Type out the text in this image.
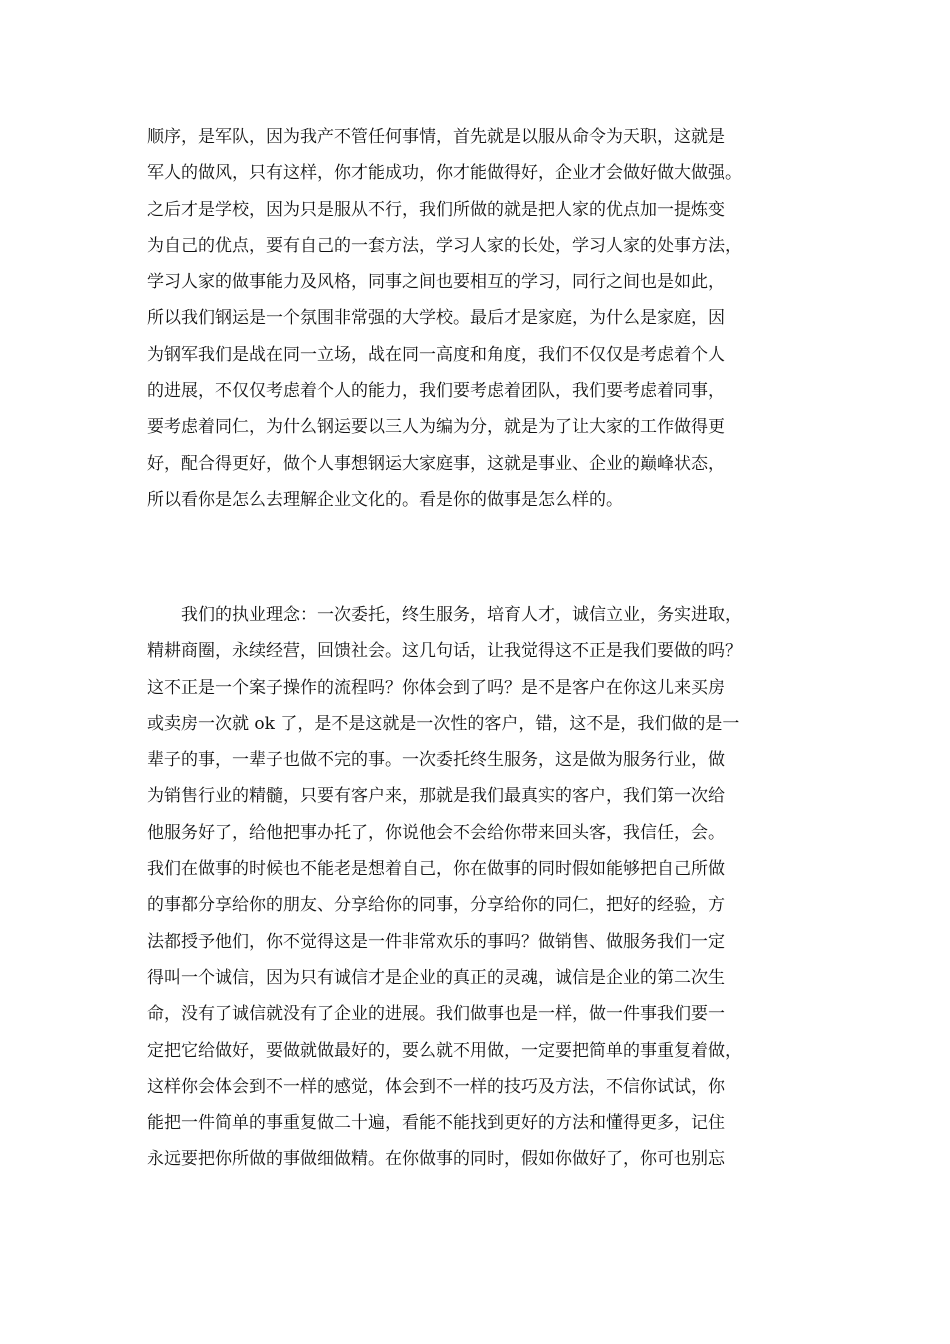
顺序，是军队，因为我产不管任何事情，首先就是以服从命令为天职，这就是
军人的做风，只有这样，你才能成功，你才能做得好，企业才会做好做大做强。
之后才是学校，因为只是服从不行，我们所做的就是把人家的优点加一提炼变
为自己的优点，要有自己的一套方法，学习人家的长处，学习人家的处事方法，
学习人家的做事能力及风格，同事之间也要相互的学习，同行之间也是如此，
所以我们钢运是一个氛围非常强的大学校。最后才是家庭，为什么是家庭，因
为钢军我们是战在同一立场，战在同一高度和角度，我们不仅仅是考虑着个人
的进展，不仅仅考虑着个人的能力，我们要考虑着团队，我们要考虑着同事，
要考虑着同仁，为什么钢运要以三人为编为分，就是为了让大家的工作做得更
好，配合得更好，做个人事想钢运大家庭事，这就是事业、企业的巅峰状态，
所以看你是怎么去理解企业文化的。看是你的做事是怎么样的。
　　我们的执业理念：一次委托，终生服务，培育人才，诚信立业，务实进取，
精耕商圈，永续经营，回馈社会。这几句话，让我觉得这不正是我们要做的吗？
这不正是一个案子操作的流程吗？你体会到了吗？是不是客户在你这儿来买房
或卖房一次就 ok 了，是不是这就是一次性的客户，错，这不是，我们做的是一
辈子的事，一辈子也做不完的事。一次委托终生服务，这是做为服务行业，做
为销售行业的精髓，只要有客户来，那就是我们最真实的客户，我们第一次给
他服务好了，给他把事办托了，你说他会不会给你带来回头客，我信任，会。
我们在做事的时候也不能老是想着自己，你在做事的同时假如能够把自己所做
的事都分享给你的朋友、分享给你的同事，分享给你的同仁，把好的经验，方
法都授予他们，你不觉得这是一件非常欢乐的事吗？做销售、做服务我们一定
得叫一个诚信，因为只有诚信才是企业的真正的灵魂，诚信是企业的第二次生
命，没有了诚信就没有了企业的进展。我们做事也是一样，做一件事我们要一
定把它给做好，要做就做最好的，要么就不用做，一定要把简单的事重复着做，
这样你会体会到不一样的感觉，体会到不一样的技巧及方法，不信你试试，你
能把一件简单的事重复做二十遍，看能不能找到更好的方法和懂得更多，记住
永远要把你所做的事做细做精。在你做事的同时，假如你做好了，你可也别忘
